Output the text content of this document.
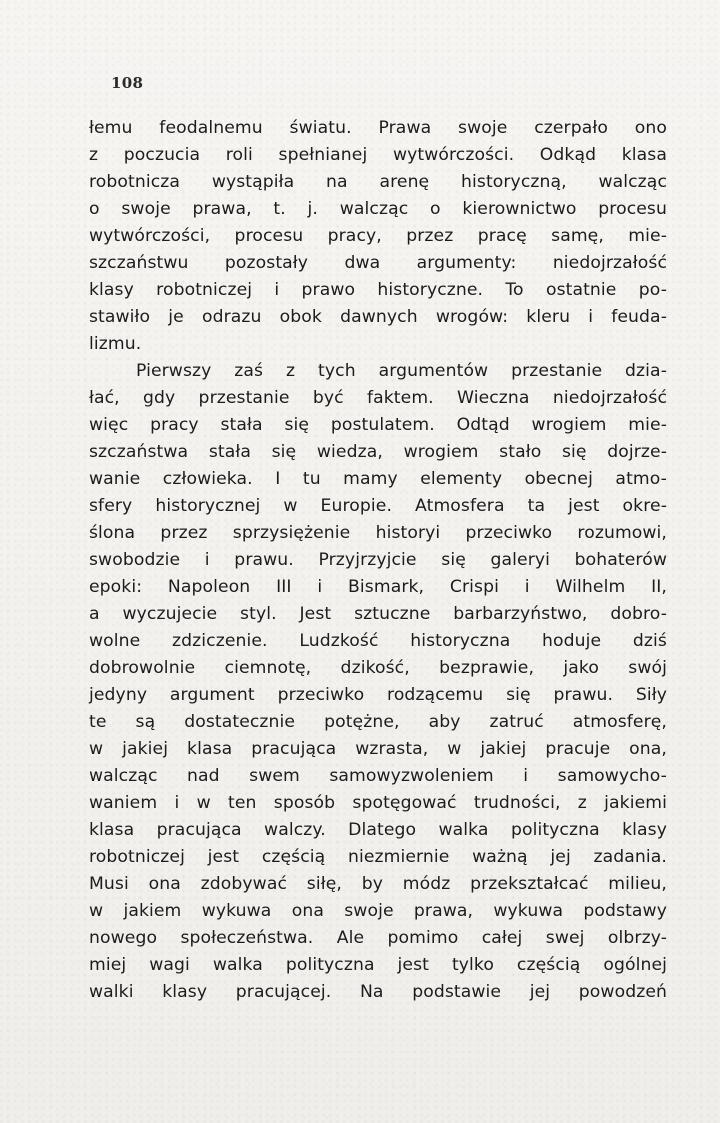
108
łemu feodalnemu światu. Prawa swoje czerpało ono
z poczucia roli spełnianej wytwórczości. Odkąd klasa
robotnicza wystąpiła na arenę historyczną, walcząc
o swoje prawa, t. j. walcząc o kierownictwo procesu
wytwórczości, procesu pracy, przez pracę samę, mie-
szczaństwu pozostały dwa argumenty: niedojrzałość
klasy robotniczej i prawo historyczne. To ostatnie po-
stawiło je odrazu obok dawnych wrogów: kleru i feuda-
lizmu.
Pierwszy zaś z tych argumentów przestanie dzia-
łać, gdy przestanie być faktem. Wieczna niedojrzałość
więc pracy stała się postulatem. Odtąd wrogiem mie-
szczaństwa stała się wiedza, wrogiem stało się dojrze-
wanie człowieka. I tu mamy elementy obecnej atmo-
sfery historycznej w Europie. Atmosfera ta jest okre-
ślona przez sprzysiężenie historyi przeciwko rozumowi,
swobodzie i prawu. Przyjrzyjcie się galeryi bohaterów
epoki: Napoleon III i Bismark, Crispi i Wilhelm II,
a wyczujecie styl. Jest sztuczne barbarzyństwo, dobro-
wolne zdziczenie. Ludzkość historyczna hoduje dziś
dobrowolnie ciemnotę, dzikość, bezprawie, jako swój
jedyny argument przeciwko rodzącemu się prawu. Siły
te są dostatecznie potężne, aby zatruć atmosferę,
w jakiej klasa pracująca wzrasta, w jakiej pracuje ona,
walcząc nad swem samowyzwoleniem i samowycho-
waniem i w ten sposób spotęgować trudności, z jakiemi
klasa pracująca walczy. Dlatego walka polityczna klasy
robotniczej jest częścią niezmiernie ważną jej zadania.
Musi ona zdobywać siłę, by módz przekształcać milieu,
w jakiem wykuwa ona swoje prawa, wykuwa podstawy
nowego społeczeństwa. Ale pomimo całej swej olbrzy-
miej wagi walka polityczna jest tylko częścią ogólnej
walki klasy pracującej. Na podstawie jej powodzeń
